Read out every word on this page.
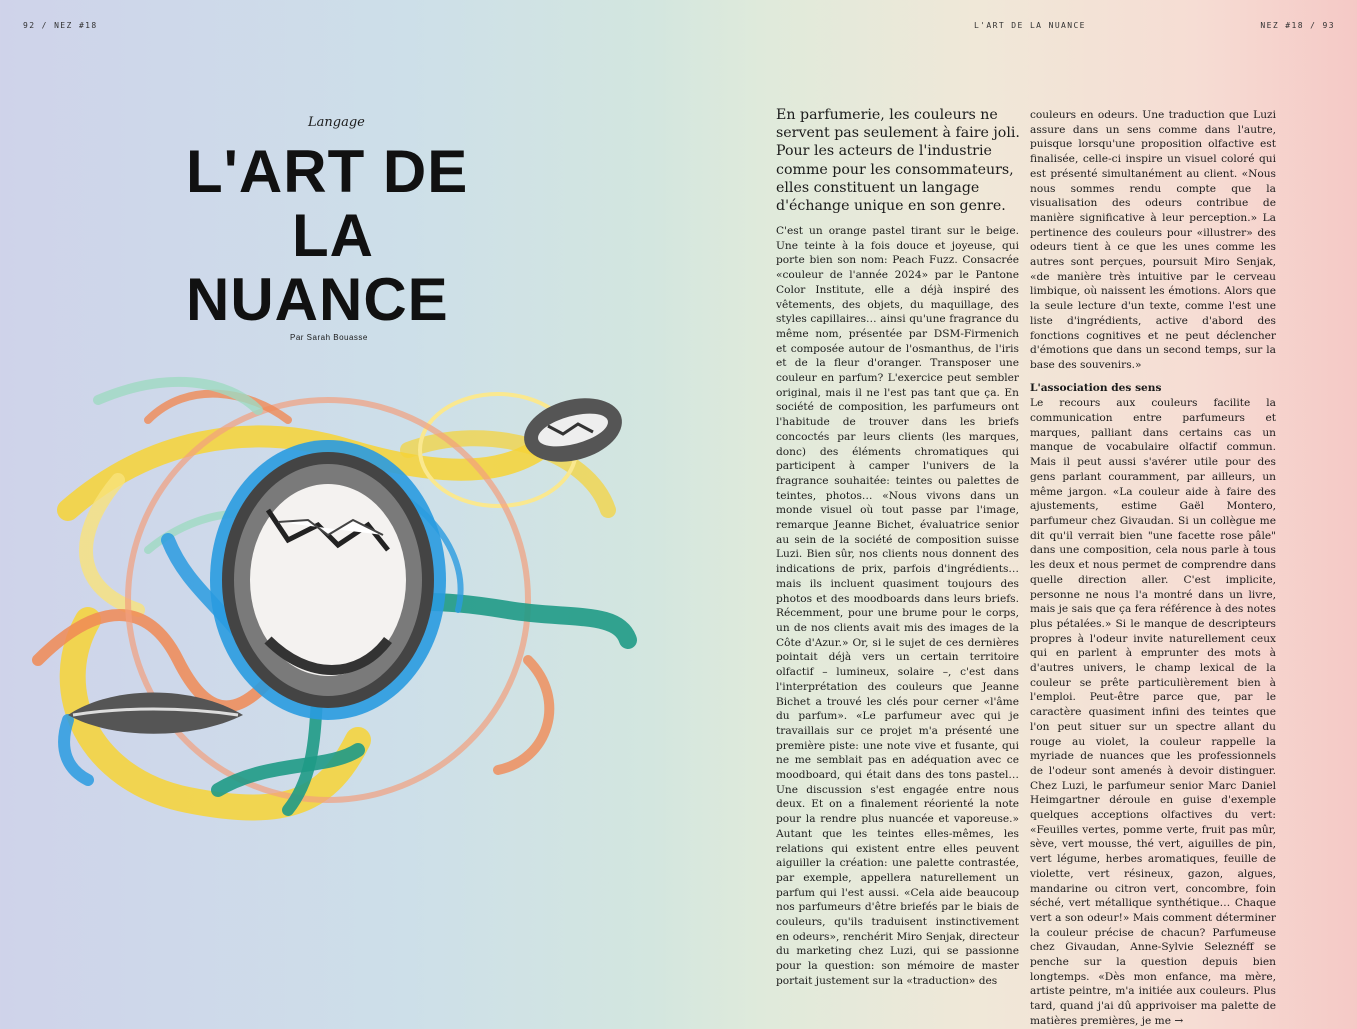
92 / NEZ #18	L'ART DE LA NUANCE	NEZ #18 / 93
Langage
L'ART DE
LA
NUANCE
Par Sarah Bouasse

En parfumerie, les couleurs ne servent pas seulement à faire joli. Pour les acteurs de l'industrie comme pour les consommateurs, elles constituent un langage d'échange unique en son genre.

C'est un orange pastel tirant sur le beige. Une teinte à la fois douce et joyeuse, qui porte bien son nom: Peach Fuzz. Consacrée «couleur de l'année 2024» par le Pantone Color Institute, elle a déjà inspiré des vêtements, des objets, du maquillage, des styles capillaires… ainsi qu'une fragrance du même nom, présentée par DSM-Firmenich et composée autour de l'osmanthus, de l'iris et de la fleur d'oranger. Transposer une couleur en parfum? L'exercice peut sembler original, mais il ne l'est pas tant que ça. En société de composition, les parfumeurs ont l'habitude de trouver dans les briefs concoctés par leurs clients (les marques, donc) des éléments chromatiques qui participent à camper l'univers de la fragrance souhaitée: teintes ou palettes de teintes, photos… «Nous vivons dans un monde visuel où tout passe par l'image, remarque Jeanne Bichet, évaluatrice senior au sein de la société de composition suisse Luzi. Bien sûr, nos clients nous donnent des indications de prix, parfois d'ingrédients… mais ils incluent quasiment toujours des photos et des moodboards dans leurs briefs. Récemment, pour une brume pour le corps, un de nos clients avait mis des images de la Côte d'Azur.» Or, si le sujet de ces dernières pointait déjà vers un certain territoire olfactif – lumineux, solaire –, c'est dans l'interprétation des couleurs que Jeanne Bichet a trouvé les clés pour cerner «l'âme du parfum». «Le parfumeur avec qui je travaillais sur ce projet m'a présenté une première piste: une note vive et fusante, qui ne me semblait pas en adéquation avec ce moodboard, qui était dans des tons pastel… Une discussion s'est engagée entre nous deux. Et on a finalement réorienté la note pour la rendre plus nuancée et vaporeuse.» Autant que les teintes elles-mêmes, les relations qui existent entre elles peuvent aiguiller la création: une palette contrastée, par exemple, appellera naturellement un parfum qui l'est aussi. «Cela aide beaucoup nos parfumeurs d'être briefés par le biais de couleurs, qu'ils traduisent instinctivement en odeurs», renchérit Miro Senjak, directeur du marketing chez Luzi, qui se passionne pour la question: son mémoire de master portait justement sur la «traduction» des

couleurs en odeurs. Une traduction que Luzi assure dans un sens comme dans l'autre, puisque lorsqu'une proposition olfactive est finalisée, celle-ci inspire un visuel coloré qui est présenté simultanément au client. «Nous nous sommes rendu compte que la visualisation des odeurs contribue de manière significative à leur perception.» La pertinence des couleurs pour «illustrer» des odeurs tient à ce que les unes comme les autres sont perçues, poursuit Miro Senjak, «de manière très intuitive par le cerveau limbique, où naissent les émotions. Alors que la seule lecture d'un texte, comme l'est une liste d'ingrédients, active d'abord des fonctions cognitives et ne peut déclencher d'émotions que dans un second temps, sur la base des souvenirs.»

L'association des sens

Le recours aux couleurs facilite la communication entre parfumeurs et marques, palliant dans certains cas un manque de vocabulaire olfactif commun. Mais il peut aussi s'avérer utile pour des gens parlant couramment, par ailleurs, un même jargon. «La couleur aide à faire des ajustements, estime Gaël Montero, parfumeur chez Givaudan. Si un collègue me dit qu'il verrait bien "une facette rose pâle" dans une composition, cela nous parle à tous les deux et nous permet de comprendre dans quelle direction aller. C'est implicite, personne ne nous l'a montré dans un livre, mais je sais que ça fera référence à des notes plus pétalées.» Si le manque de descripteurs propres à l'odeur invite naturellement ceux qui en parlent à emprunter des mots à d'autres univers, le champ lexical de la couleur se prête particulièrement bien à l'emploi. Peut-être parce que, par le caractère quasiment infini des teintes que l'on peut situer sur un spectre allant du rouge au violet, la couleur rappelle la myriade de nuances que les professionnels de l'odeur sont amenés à devoir distinguer. Chez Luzi, le parfumeur senior Marc Daniel Heimgartner déroule en guise d'exemple quelques acceptions olfactives du vert: «Feuilles vertes, pomme verte, fruit pas mûr, sève, vert mousse, thé vert, aiguilles de pin, vert légume, herbes aromatiques, feuille de violette, vert résineux, gazon, algues, mandarine ou citron vert, concombre, foin séché, vert métallique synthétique… Chaque vert a son odeur!» Mais comment déterminer la couleur précise de chacun? Parfumeuse chez Givaudan, Anne-Sylvie Seleznéff se penche sur la question depuis bien longtemps. «Dès mon enfance, ma mère, artiste peintre, m'a initiée aux couleurs. Plus tard, quand j'ai dû apprivoiser ma palette de matières premières, je me →
